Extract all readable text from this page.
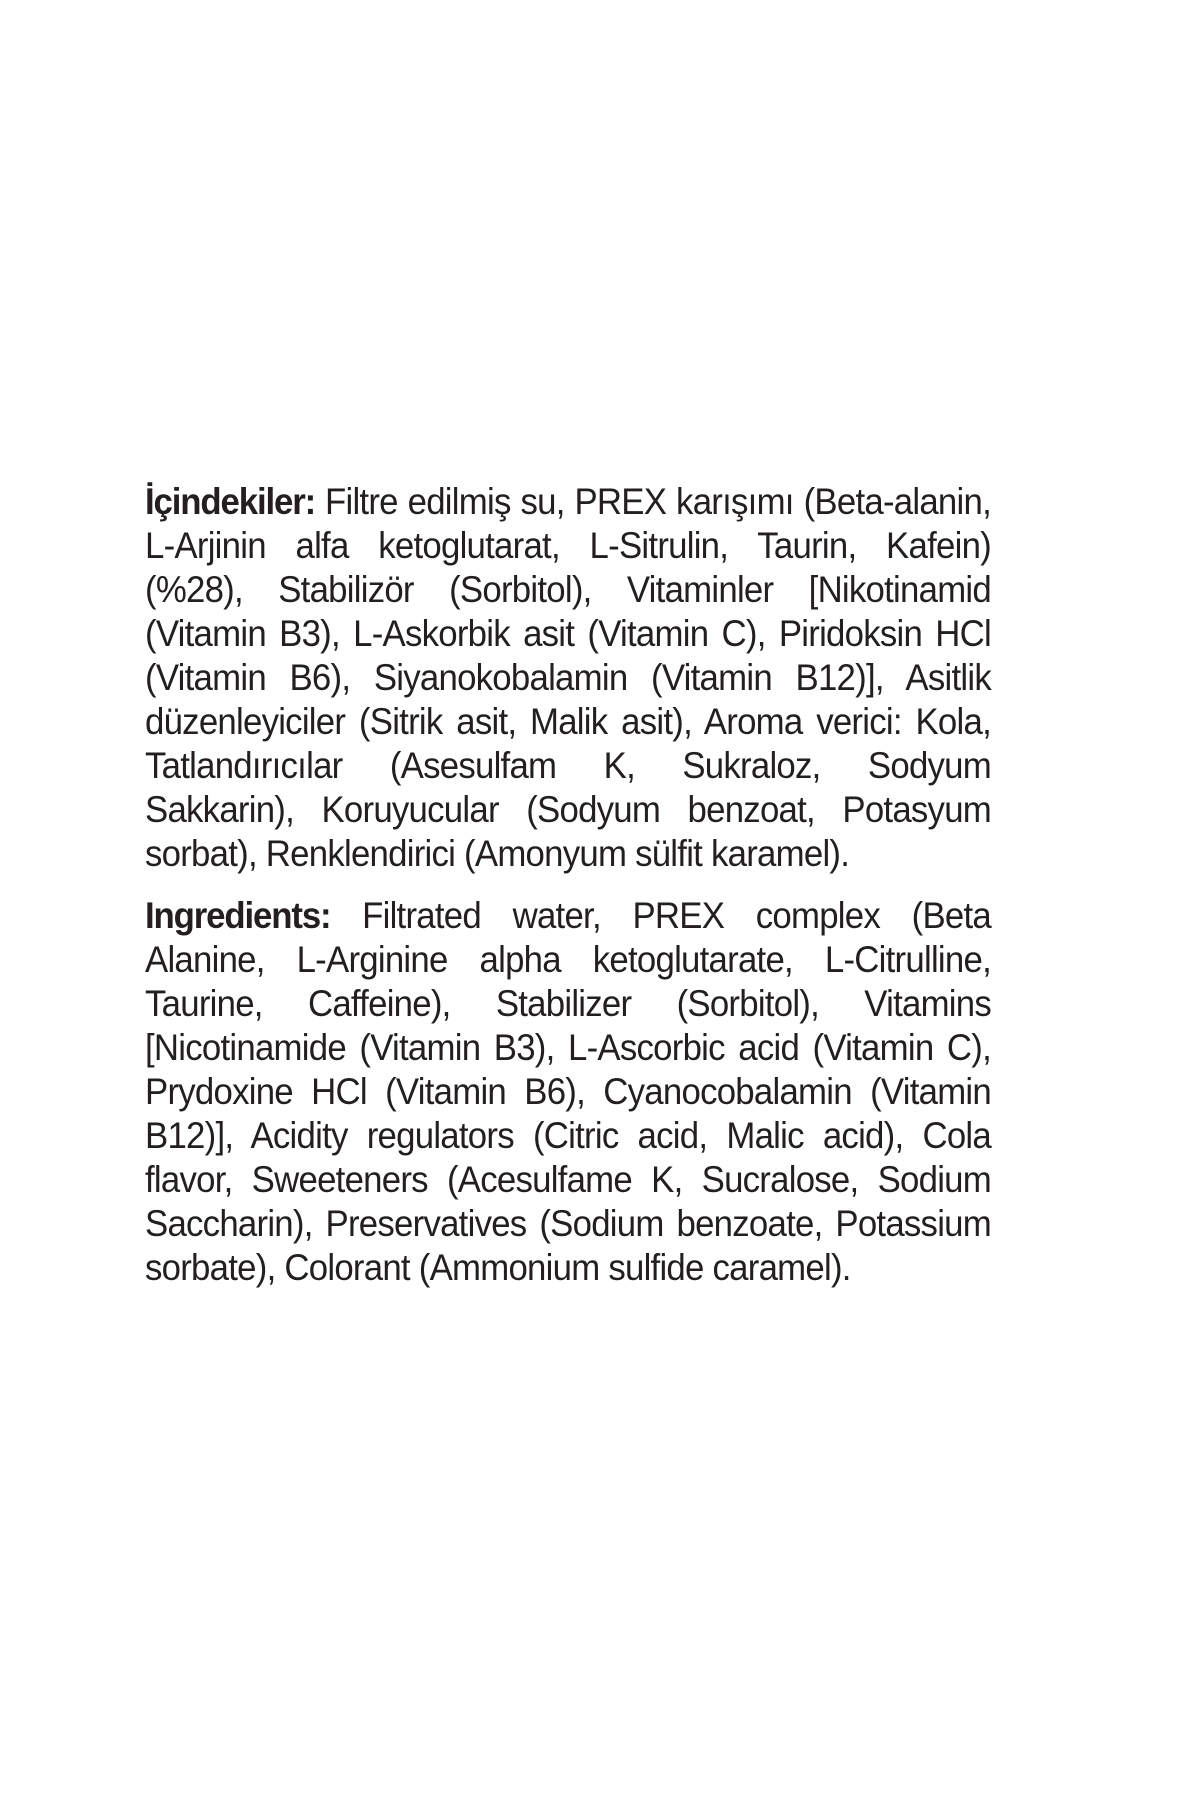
İçindekiler: Filtre edilmiş su, PREX karışımı (Beta-alanin, L-Arjinin alfa ketoglutarat, L-Sitrulin, Taurin, Kafein) (%28), Stabilizör (Sorbitol), Vitaminler [Nikotinamid (Vitamin B3), L-Askorbik asit (Vitamin C), Piridoksin HCl (Vitamin B6), Siyanokobalamin (Vitamin B12)], Asitlik düzenleyiciler (Sitrik asit, Malik asit), Aroma verici: Kola, Tatlandırıcılar (Asesulfam K, Sukraloz, Sodyum Sakkarin), Koruyucular (Sodyum benzoat, Potasyum sorbat), Renklendirici (Amonyum sülfit karamel).

Ingredients: Filtrated water, PREX complex (Beta Alanine, L-Arginine alpha ketoglutarate, L-Citrulline, Taurine, Caffeine), Stabilizer (Sorbitol), Vitamins [Nicotinamide (Vitamin B3), L-Ascorbic acid (Vitamin C), Prydoxine HCl (Vitamin B6), Cyanocobalamin (Vitamin B12)], Acidity regulators (Citric acid, Malic acid), Cola flavor, Sweeteners (Acesulfame K, Sucralose, Sodium Saccharin), Preservatives (Sodium benzoate, Potassium sorbate), Colorant (Ammonium sulfide caramel).
